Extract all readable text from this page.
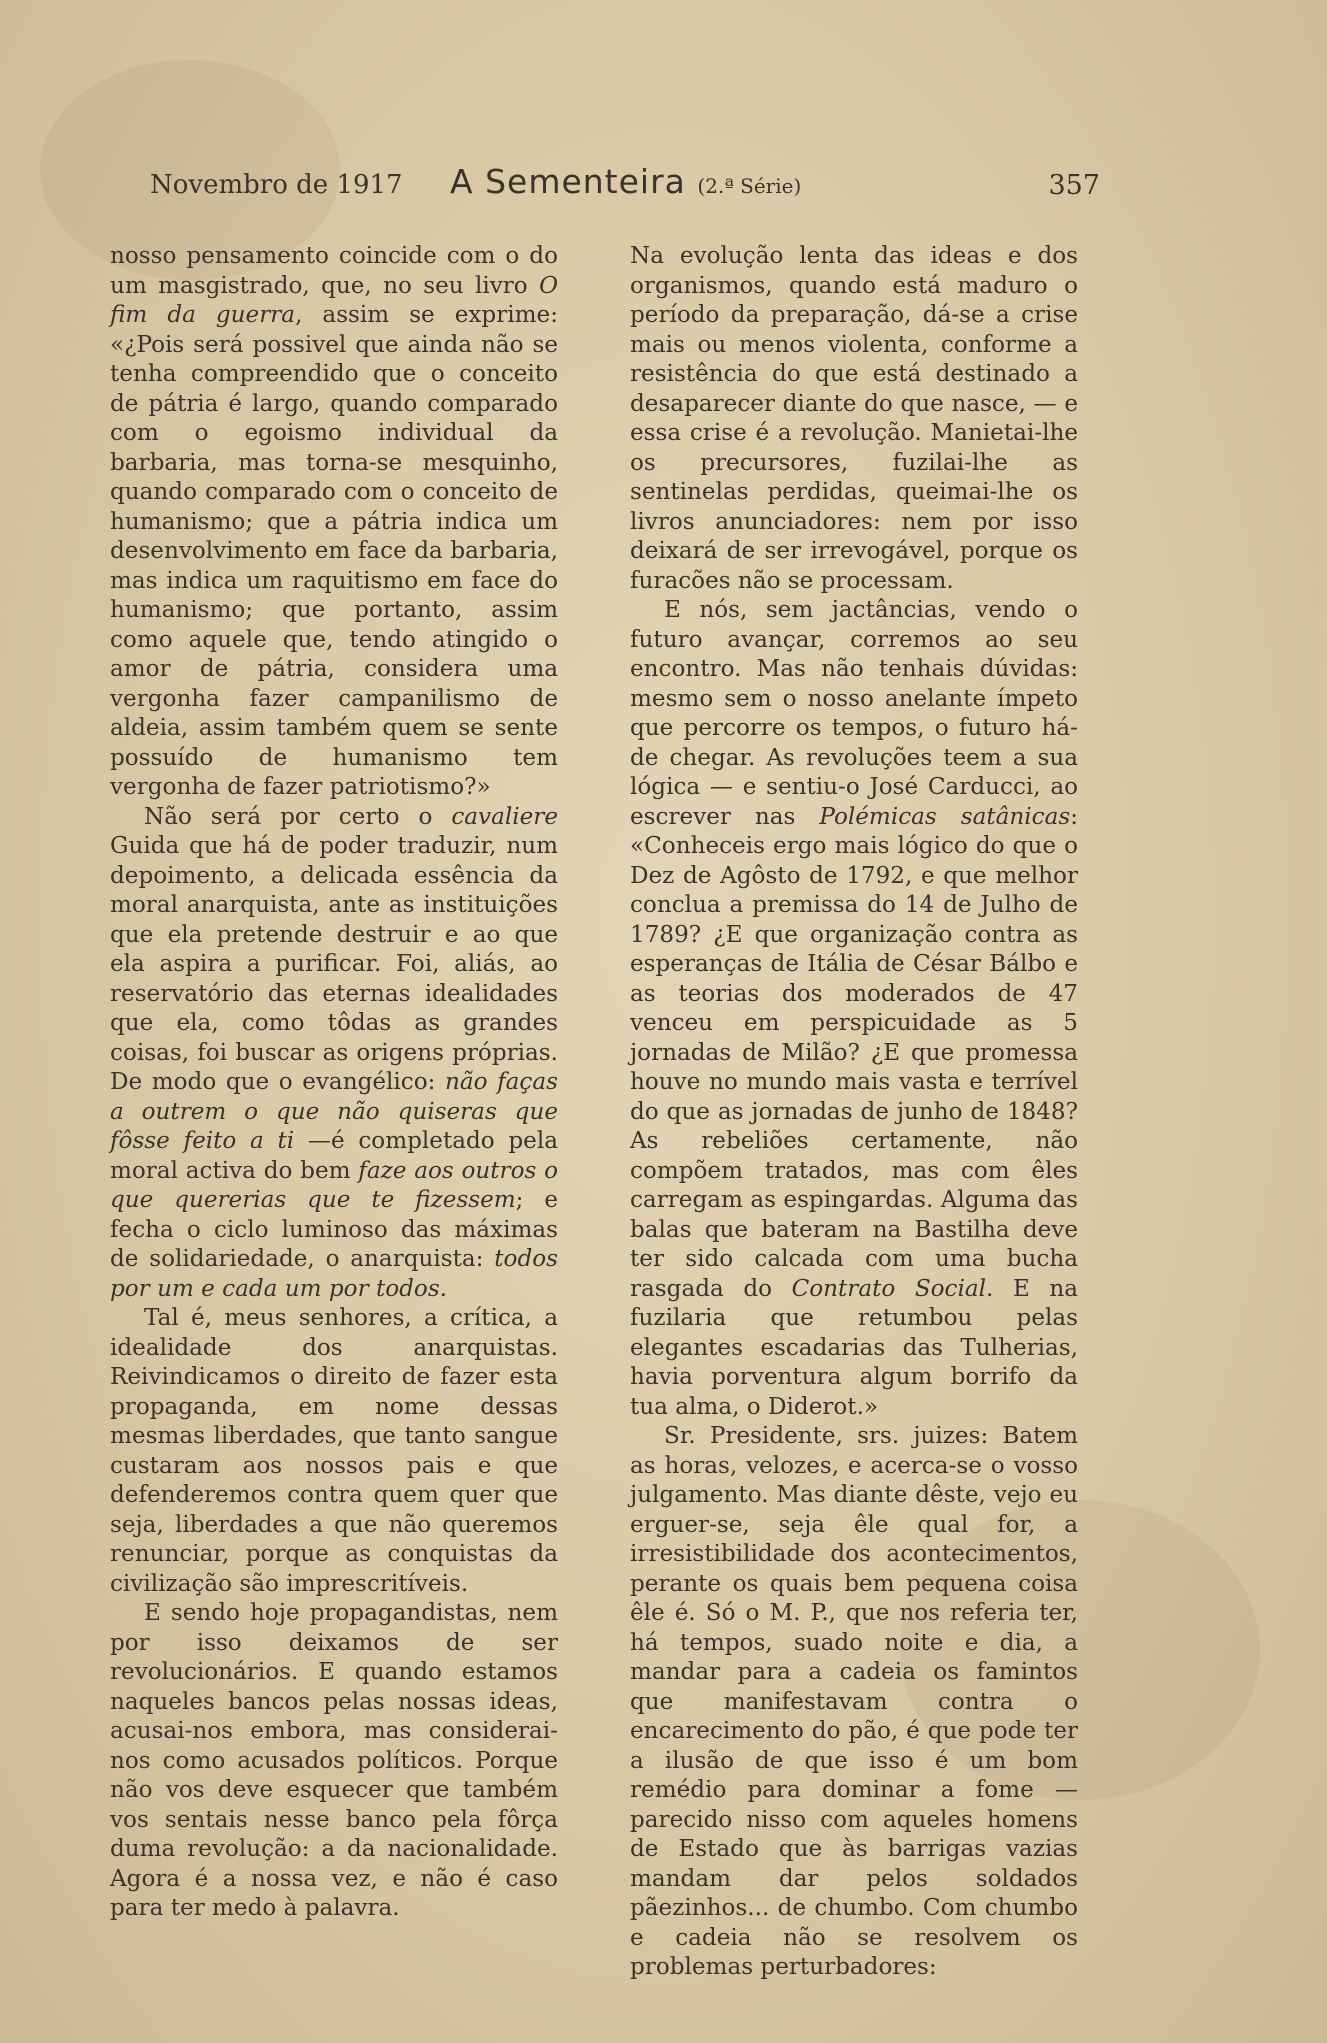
Novembro de 1917 A Sementeira (2.ª Série)	357

nosso pensamento coincide com o do um masgistrado, que, no seu livro O fim da guerra, assim se exprime: «¿Pois será possivel que ainda não se tenha compreendido que o conceito de pátria é largo, quando comparado com o egoismo individual da barbaria, mas torna-se mesquinho, quando comparado com o conceito de humanismo; que a pátria indica um desenvolvimento em face da barbaria, mas indica um raquitismo em face do humanismo; que portanto, assim como aquele que, tendo atingido o amor de pátria, considera uma vergonha fazer campanilismo de aldeia, assim também quem se sente possuído de humanismo tem vergonha de fazer patriotismo?»

Não será por certo o cavaliere Guida que há de poder traduzir, num depoimento, a delicada essência da moral anarquista, ante as instituições que ela pretende destruir e ao que ela aspira a purificar. Foi, aliás, ao reservatório das eternas idealidades que ela, como tôdas as grandes coisas, foi buscar as origens próprias. De modo que o evangélico: não faças a outrem o que não quiseras que fôsse feito a ti —é completado pela moral activa do bem faze aos outros o que quererias que te fizessem; e fecha o ciclo luminoso das máximas de solidariedade, o anarquista: todos por um e cada um por todos.

Tal é, meus senhores, a crítica, a idealidade dos anarquistas. Reivindicamos o direito de fazer esta propaganda, em nome dessas mesmas liberdades, que tanto sangue custaram aos nossos pais e que defenderemos contra quem quer que seja, liberdades a que não queremos renunciar, porque as conquistas da civilização são imprescritíveis.

E sendo hoje propagandistas, nem por isso deixamos de ser revolucionários. E quando estamos naqueles bancos pelas nossas ideas, acusai-nos embora, mas considerai-nos como acusados políticos. Porque não vos deve esquecer que também vos sentais nesse banco pela fôrça duma revolução: a da nacionalidade. Agora é a nossa vez, e não é caso para ter medo à palavra.

Na evolução lenta das ideas e dos organismos, quando está maduro o período da preparação, dá-se a crise mais ou menos violenta, conforme a resistência do que está destinado a desaparecer diante do que nasce, — e essa crise é a revolução. Manietai-lhe os precursores, fuzilai-lhe as sentinelas perdidas, queimai-lhe os livros anunciadores: nem por isso deixará de ser irrevogável, porque os furacões não se processam.

E nós, sem jactâncias, vendo o futuro avançar, corremos ao seu encontro. Mas não tenhais dúvidas: mesmo sem o nosso anelante ímpeto que percorre os tempos, o futuro há-de chegar. As revoluções teem a sua lógica — e sentiu-o José Carducci, ao escrever nas Polémicas satânicas: «Conheceis ergo mais lógico do que o Dez de Agôsto de 1792, e que melhor conclua a premissa do 14 de Julho de 1789? ¿E que organização contra as esperanças de Itália de César Bálbo e as teorias dos moderados de 47 venceu em perspicuidade as 5 jornadas de Milão? ¿E que promessa houve no mundo mais vasta e terrível do que as jornadas de junho de 1848? As rebeliões certamente, não compõem tratados, mas com êles carregam as espingardas. Alguma das balas que bateram na Bastilha deve ter sido calcada com uma bucha rasgada do Contrato Social. E na fuzilaria que retumbou pelas elegantes escadarias das Tulherias, havia porventura algum borrifo da tua alma, o Diderot.»

Sr. Presidente, srs. juizes: Batem as horas, velozes, e acerca-se o vosso julgamento. Mas diante dêste, vejo eu erguer-se, seja êle qual for, a irresistibilidade dos acontecimentos, perante os quais bem pequena coisa êle é. Só o M. P., que nos referia ter, há tempos, suado noite e dia, a mandar para a cadeia os famintos que manifestavam contra o encarecimento do pão, é que pode ter a ilusão de que isso é um bom remédio para dominar a fome — parecido nisso com aqueles homens de Estado que às barrigas vazias mandam dar pelos soldados pãezinhos... de chumbo. Com chumbo e cadeia não se resolvem os problemas perturbadores:
